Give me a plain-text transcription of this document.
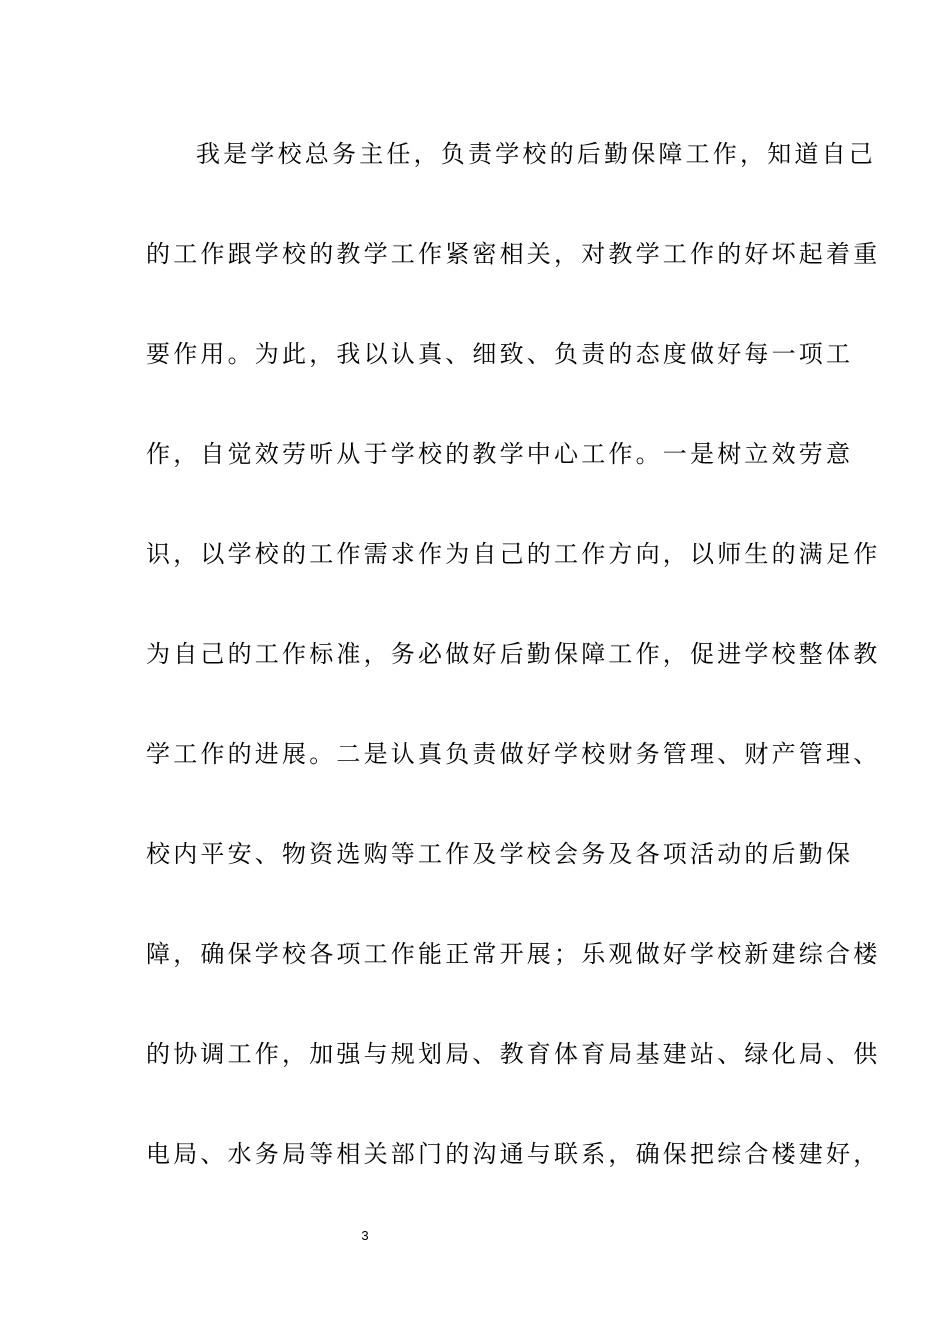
我是学校总务主任，负责学校的后勤保障工作，知道自己
的工作跟学校的教学工作紧密相关，对教学工作的好坏起着重
要作用。为此，我以认真、细致、负责的态度做好每一项工
作，自觉效劳听从于学校的教学中心工作。一是树立效劳意
识，以学校的工作需求作为自己的工作方向，以师生的满足作
为自己的工作标准，务必做好后勤保障工作，促进学校整体教
学工作的进展。二是认真负责做好学校财务管理、财产管理、
校内平安、物资选购等工作及学校会务及各项活动的后勤保
障，确保学校各项工作能正常开展；乐观做好学校新建综合楼
的协调工作，加强与规划局、教育体育局基建站、绿化局、供
电局、水务局等相关部门的沟通与联系，确保把综合楼建好，
3
